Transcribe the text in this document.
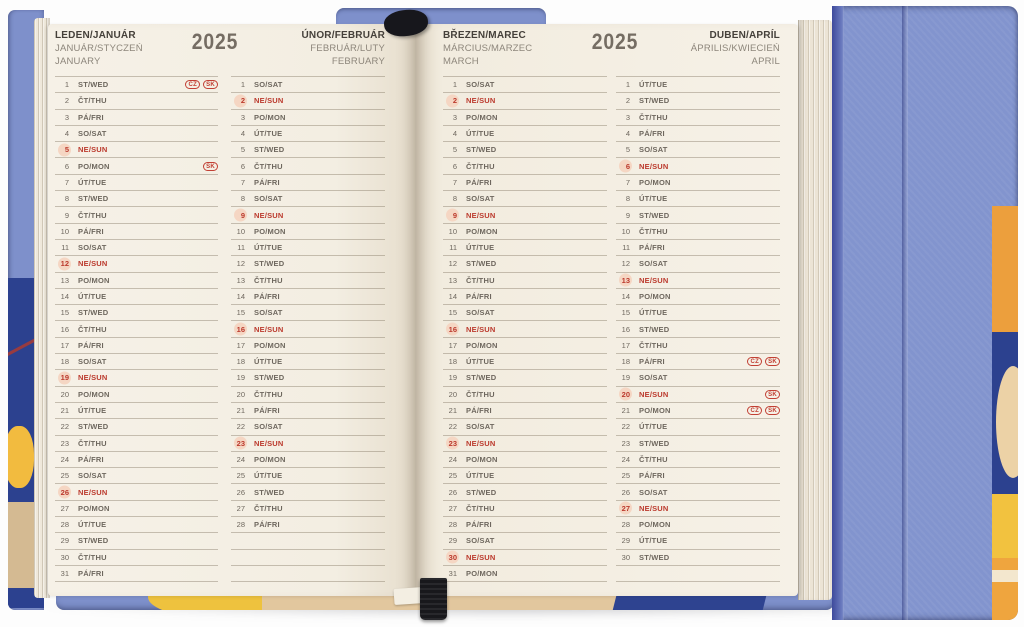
2025
LEDEN/JANUÁR
JANUÁR/STYCZEŃ
JANUARY
1 ST/WED	CZ	SK
2 ČT/THU
3 PÁ/FRI
4 SO/SAT
5 NE/SUN
6 PO/MON	SK
7 ÚT/TUE
8 ST/WED
9 ČT/THU
10 PÁ/FRI
11 SO/SAT
12 NE/SUN
13 PO/MON
14 ÚT/TUE
15 ST/WED
16 ČT/THU
17 PÁ/FRI
18 SO/SAT
19 NE/SUN
20 PO/MON
21 ÚT/TUE
22 ST/WED
23 ČT/THU
24 PÁ/FRI
25 SO/SAT
26 NE/SUN
27 PO/MON
28 ÚT/TUE
29 ST/WED
30 ČT/THU
31 PÁ/FRI
ÚNOR/FEBRUÁR
FEBRUÁR/LUTY
FEBRUARY
1 SO/SAT
2 NE/SUN
3 PO/MON
4 ÚT/TUE
5 ST/WED
6 ČT/THU
7 PÁ/FRI
8 SO/SAT
9 NE/SUN
10 PO/MON
11 ÚT/TUE
12 ST/WED
13 ČT/THU
14 PÁ/FRI
15 SO/SAT
16 NE/SUN
17 PO/MON
18 ÚT/TUE
19 ST/WED
20 ČT/THU
21 PÁ/FRI
22 SO/SAT
23 NE/SUN
24 PO/MON
25 ÚT/TUE
26 ST/WED
27 ČT/THU
28 PÁ/FRI
2025
BŘEZEN/MAREC
MÁRCIUS/MARZEC
MARCH
1 SO/SAT
2 NE/SUN
3 PO/MON
4 ÚT/TUE
5 ST/WED
6 ČT/THU
7 PÁ/FRI
8 SO/SAT
9 NE/SUN
10 PO/MON
11 ÚT/TUE
12 ST/WED
13 ČT/THU
14 PÁ/FRI
15 SO/SAT
16 NE/SUN
17 PO/MON
18 ÚT/TUE
19 ST/WED
20 ČT/THU
21 PÁ/FRI
22 SO/SAT
23 NE/SUN
24 PO/MON
25 ÚT/TUE
26 ST/WED
27 ČT/THU
28 PÁ/FRI
29 SO/SAT
30 NE/SUN
31 PO/MON
DUBEN/APRÍL
ÁPRILIS/KWIECIEŃ
APRIL
1 ÚT/TUE
2 ST/WED
3 ČT/THU
4 PÁ/FRI
5 SO/SAT
6 NE/SUN
7 PO/MON
8 ÚT/TUE
9 ST/WED
10 ČT/THU
11 PÁ/FRI
12 SO/SAT
13 NE/SUN
14 PO/MON
15 ÚT/TUE
16 ST/WED
17 ČT/THU
18 PÁ/FRI	CZ	SK
19 SO/SAT
20 NE/SUN	SK
21 PO/MON	CZ	SK
22 ÚT/TUE
23 ST/WED
24 ČT/THU
25 PÁ/FRI
26 SO/SAT
27 NE/SUN
28 PO/MON
29 ÚT/TUE
30 ST/WED
